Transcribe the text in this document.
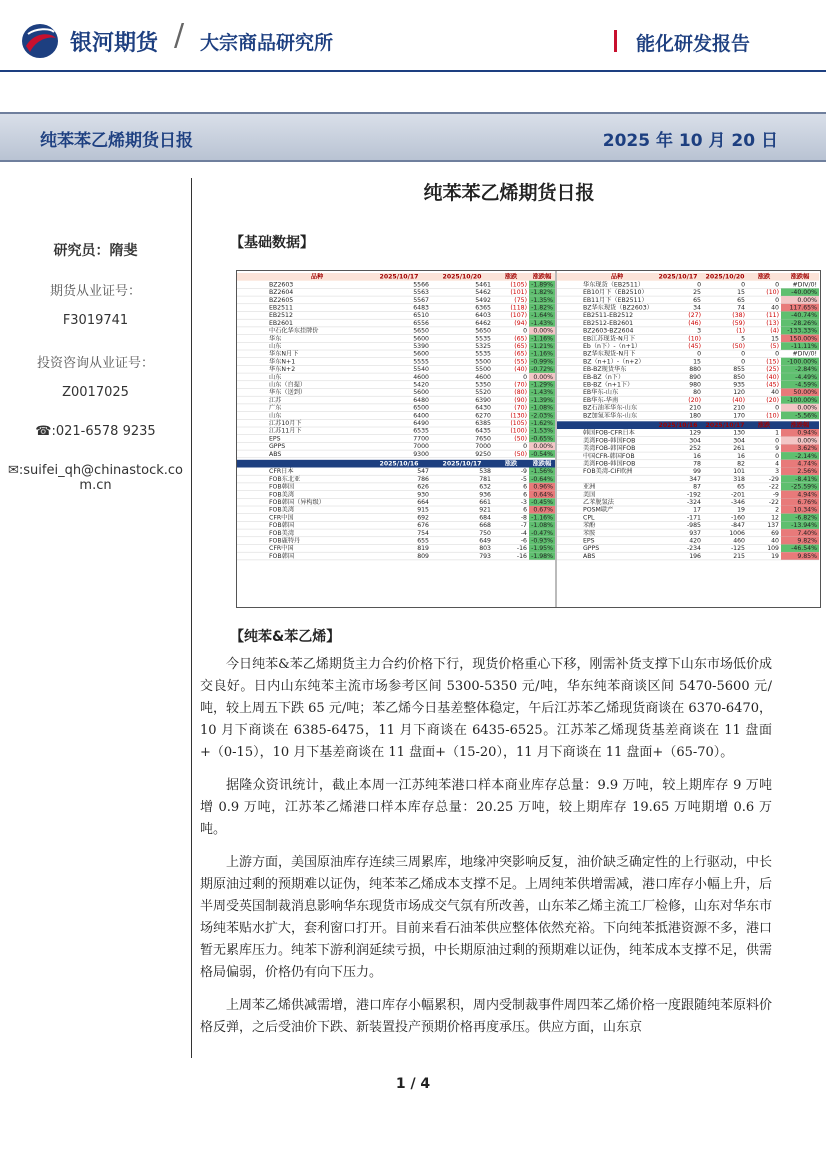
银河期货 / 大宗商品研究所	能化研发报告
纯苯苯乙烯期货日报	2025 年 10 月 20 日
研究员：隋斐
期货从业证号：
F3019741
投资咨询从业证号：
Z0017025
☎:021-6578 9235
✉:suifei_qh@chinastock.com.cn
纯苯苯乙烯期货日报
【基础数据】
品种	2025/10/17	2025/10/20	涨跌	涨跌幅
BZ2603	5566	5461	(105) -1.89%
BZ2604	5563	5462	(101) -1.82%
BZ2605	5567	5492	(75) -1.35%
EB2511	6483	6365	(118) -1.82%
EB2512	6510	6403	(107) -1.64%
EB2601	6556	6462	(94) -1.43%
中石化华东挂牌价	5650	5650	0 0.00%
华东	5600	5535	(65) -1.16%
山东	5390	5325	(65) -1.21%
华东N月下	5600	5535	(65) -1.16%
华东N+1	5555	5500	(55) -0.99%
华东N+2	5540	5500	(40) -0.72%
山东	4600	4600	0 0.00%
山东（自提）	5420	5350	(70) -1.29%
华东（送到）	5600	5520	(80) -1.43%
江苏	6480	6390	(90) -1.39%
广东	6500	6430	(70) -1.08%
山东	6400	6270	(130) -2.03%
江苏10月下	6490	6385	(105) -1.62%
江苏11月下	6535	6435	(100) -1.53%
EPS	7700	7650	(50) -0.65%
GPPS	7000	7000	0 0.00%
ABS	9300	9250	(50) -0.54%
2025/10/16	2025/10/17	涨跌	涨跌幅
CFR日本	547	538	-9 -1.56%
FOB东北亚	786	781	-5 -0.64%
FOB韩国	626	632	6 0.96%
FOB美湾	930	936	6 0.64%
FOB韩国（异构级）	664	661	-3 -0.45%
FOB美湾	915	921	6 0.67%
CFR中国	692	684	-8 -1.16%
FOB韩国	676	668	-7 -1.08%
FOB美湾	754	750	-4 -0.47%
FOB鹿特丹	655	649	-6 -0.93%
CFR中国	819	803	-16 -1.95%
FOB韩国	809	793	-16 -1.98%
品种	2025/10/17 2025/10/20 涨跌	涨跌幅
华东现货（EB2511）	0	0	0 #DIV/0!
EB10月下（EB2510）	25	15	(10) -40.00%
EB11月下（EB2511）	65	65	0	0.00%
BZ华东现货（BZ2603）	34	74	40 117.65%
EB2511-EB2512	(27)	(38)	(11) -40.74%
EB2512-EB2601	(46)	(59)	(13) -28.26%
BZ2603-BZ2604	3	(1)	(4) -133.33%
EB江苏现货-N月下	(10)	5	15 150.00%
Eb（n下）-（n+1）	(45)	(50)	(5) -11.11%
BZ华东现货-N月下	0	0	0 #DIV/0!
BZ（n+1）-（n+2）	15	0	(15) -100.00%
EB-BZ现货华东	880	855	(25)	-2.84%
EB-BZ（n下）	890	850	(40)	-4.49%
EB-BZ（n+1下）	980	935	(45)	-4.59%
EB华东-山东	80	120	40 50.00%
EB华东-华南	(20)	(40)	(20) -100.00%
BZ石油苯华东-山东	210	210	0	0.00%
BZ加氢苯华东-山东	180	170	(10)	-5.56%
2025/10/16 2025/10/17 涨跌	涨跌幅
韩国FOB-CFR日本	129	130	1	0.94%
美湾FOB-韩国FOB	304	304	0	0.00%
美湾FOB-韩国FOB	252	261	9	3.62%
中国CFR-韩国FOB	16	16	0	-2.14%
美湾FOB-韩国FOB	78	82	4	4.74%
FOB美湾-CIF欧洲	99	101	3	2.56%
347	318	-29	-8.41%
亚洲	87	65	-22 -25.59%
美国	-192	-201	-9	4.94%
乙苯脱氢法	-324	-346	-22	6.76%
POSM联产	17	19	2 10.34%
CPL	-171	-160	12	-6.82%
苯酚	-985	-847	137 -13.94%
苯胺	937	1006	69	7.40%
EPS	420	460	40	9.82%
GPPS	-234	-125	109 -46.54%
ABS	196	215	19	9.85%
【纯苯&苯乙烯】

今日纯苯&苯乙烯期货主力合约价格下行，现货价格重心下移，刚需补货支撑下山东市场低价成交良好。日内山东纯苯主流市场参考区间 5300-5350 元/吨，华东纯苯商谈区间 5470-5600 元/吨，较上周五下跌 65 元/吨；苯乙烯今日基差整体稳定，午后江苏苯乙烯现货商谈在 6370-6470，10 月下商谈在 6385-6475，11 月下商谈在 6435-6525。江苏苯乙烯现货基差商谈在 11 盘面+（0-15），10 月下基差商谈在 11 盘面+（15-20），11 月下商谈在 11 盘面+（65-70）。

据隆众资讯统计，截止本周一江苏纯苯港口样本商业库存总量：9.9 万吨，较上期库存 9 万吨增 0.9 万吨，江苏苯乙烯港口样本库存总量：20.25 万吨，较上期库存 19.65 万吨期增 0.6 万吨。

上游方面，美国原油库存连续三周累库，地缘冲突影响反复，油价缺乏确定性的上行驱动，中长期原油过剩的预期难以证伪，纯苯苯乙烯成本支撑不足。上周纯苯供增需减，港口库存小幅上升，后半周受英国制裁消息影响华东现货市场成交气氛有所改善，山东苯乙烯主流工厂检修，山东对华东市场纯苯贴水扩大，套利窗口打开。目前来看石油苯供应整体依然充裕。下向纯苯抵港资源不多，港口暂无累库压力。纯苯下游利润延续亏损，中长期原油过剩的预期难以证伪，纯苯成本支撑不足，供需格局偏弱，价格仍有向下压力。

上周苯乙烯供减需增，港口库存小幅累积，周内受制裁事件周四苯乙烯价格一度跟随纯苯原料价格反弹，之后受油价下跌、新装置投产预期价格再度承压。供应方面，山东京

1 / 4
